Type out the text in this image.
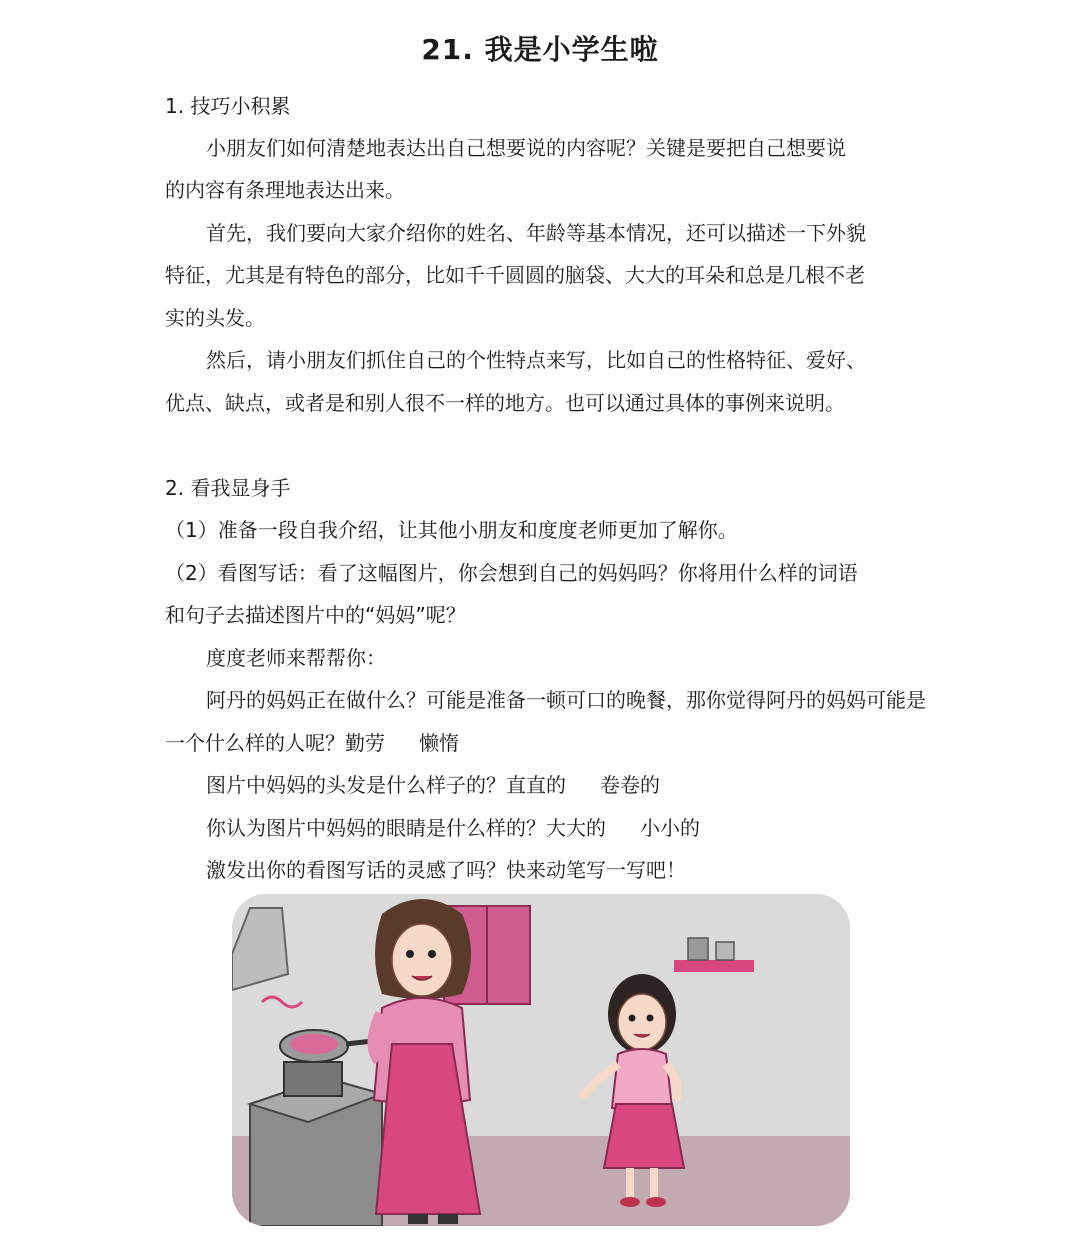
21. 我是小学生啦
1. 技巧小积累
小朋友们如何清楚地表达出自己想要说的内容呢？关键是要把自己想要说
的内容有条理地表达出来。
首先，我们要向大家介绍你的姓名、年龄等基本情况，还可以描述一下外貌
特征，尤其是有特色的部分，比如千千圆圆的脑袋、大大的耳朵和总是几根不老
实的头发。
然后，请小朋友们抓住自己的个性特点来写，比如自己的性格特征、爱好、
优点、缺点，或者是和别人很不一样的地方。也可以通过具体的事例来说明。
2. 看我显身手
（1）准备一段自我介绍，让其他小朋友和度度老师更加了解你。
（2）看图写话：看了这幅图片，你会想到自己的妈妈吗？你将用什么样的词语
和句子去描述图片中的“妈妈”呢？
度度老师来帮帮你：
阿丹的妈妈正在做什么？可能是准备一顿可口的晚餐，那你觉得阿丹的妈妈可能是
一个什么样的人呢？勤劳 懒惰
图片中妈妈的头发是什么样子的？直直的 卷卷的
你认为图片中妈妈的眼睛是什么样的？大大的 小小的
激发出你的看图写话的灵感了吗？快来动笔写一写吧！
